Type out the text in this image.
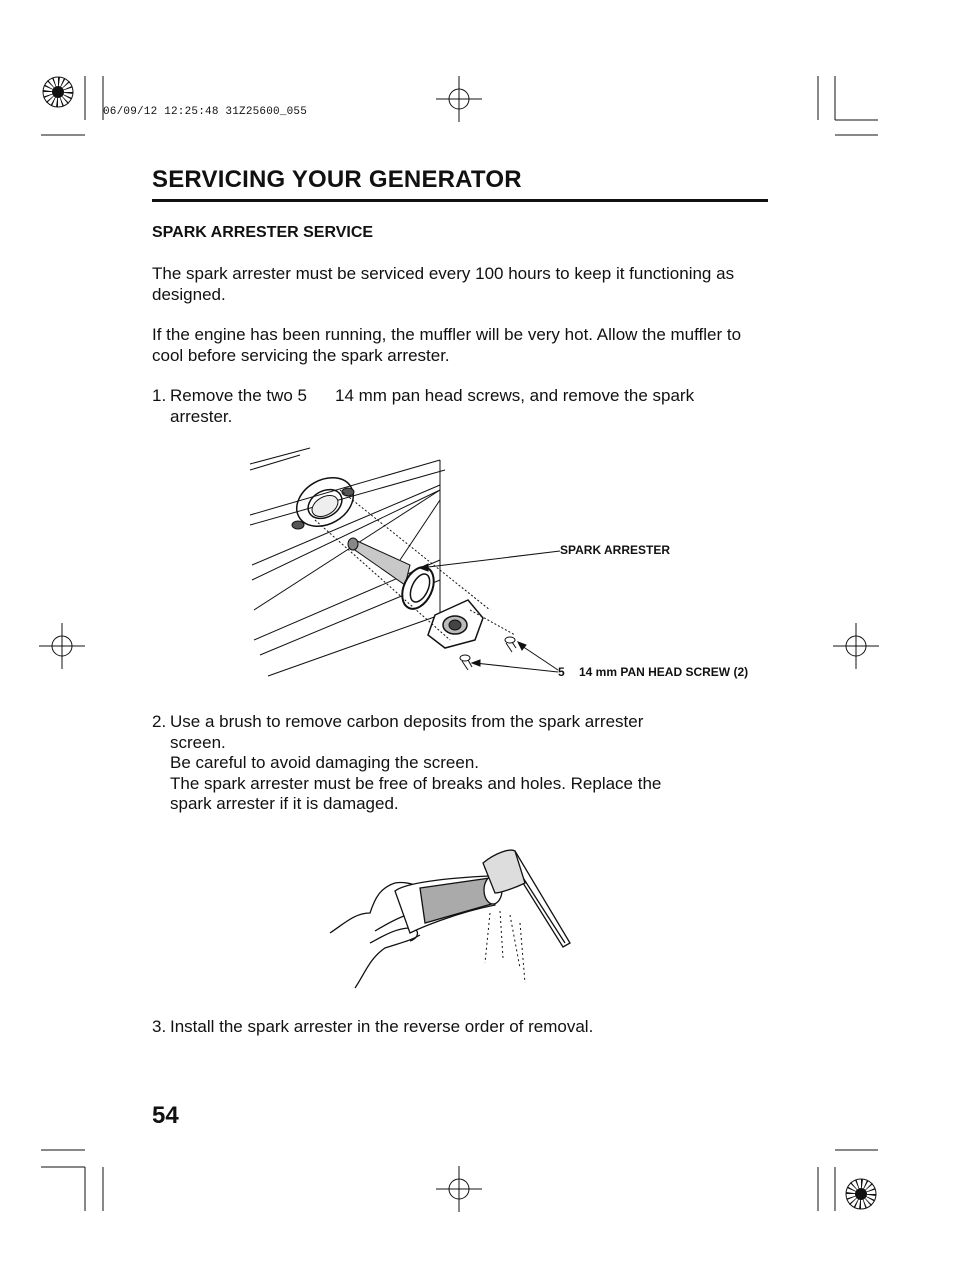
06/09/12 12:25:48 31Z25600_055
SERVICING YOUR GENERATOR
SPARK ARRESTER SERVICE
The spark arrester must be serviced every 100 hours to keep it functioning as designed.
If the engine has been running, the muffler will be very hot. Allow the muffler to cool before servicing the spark arrester.
1. Remove the two 5 14 mm pan head screws, and remove the spark
arrester.
SPARK ARRESTER
5 14 mm PAN HEAD SCREW (2)
2. Use a brush to remove carbon deposits from the spark arrester
screen.
Be careful to avoid damaging the screen.
The spark arrester must be free of breaks and holes. Replace the
spark arrester if it is damaged.
3. Install the spark arrester in the reverse order of removal.
54
